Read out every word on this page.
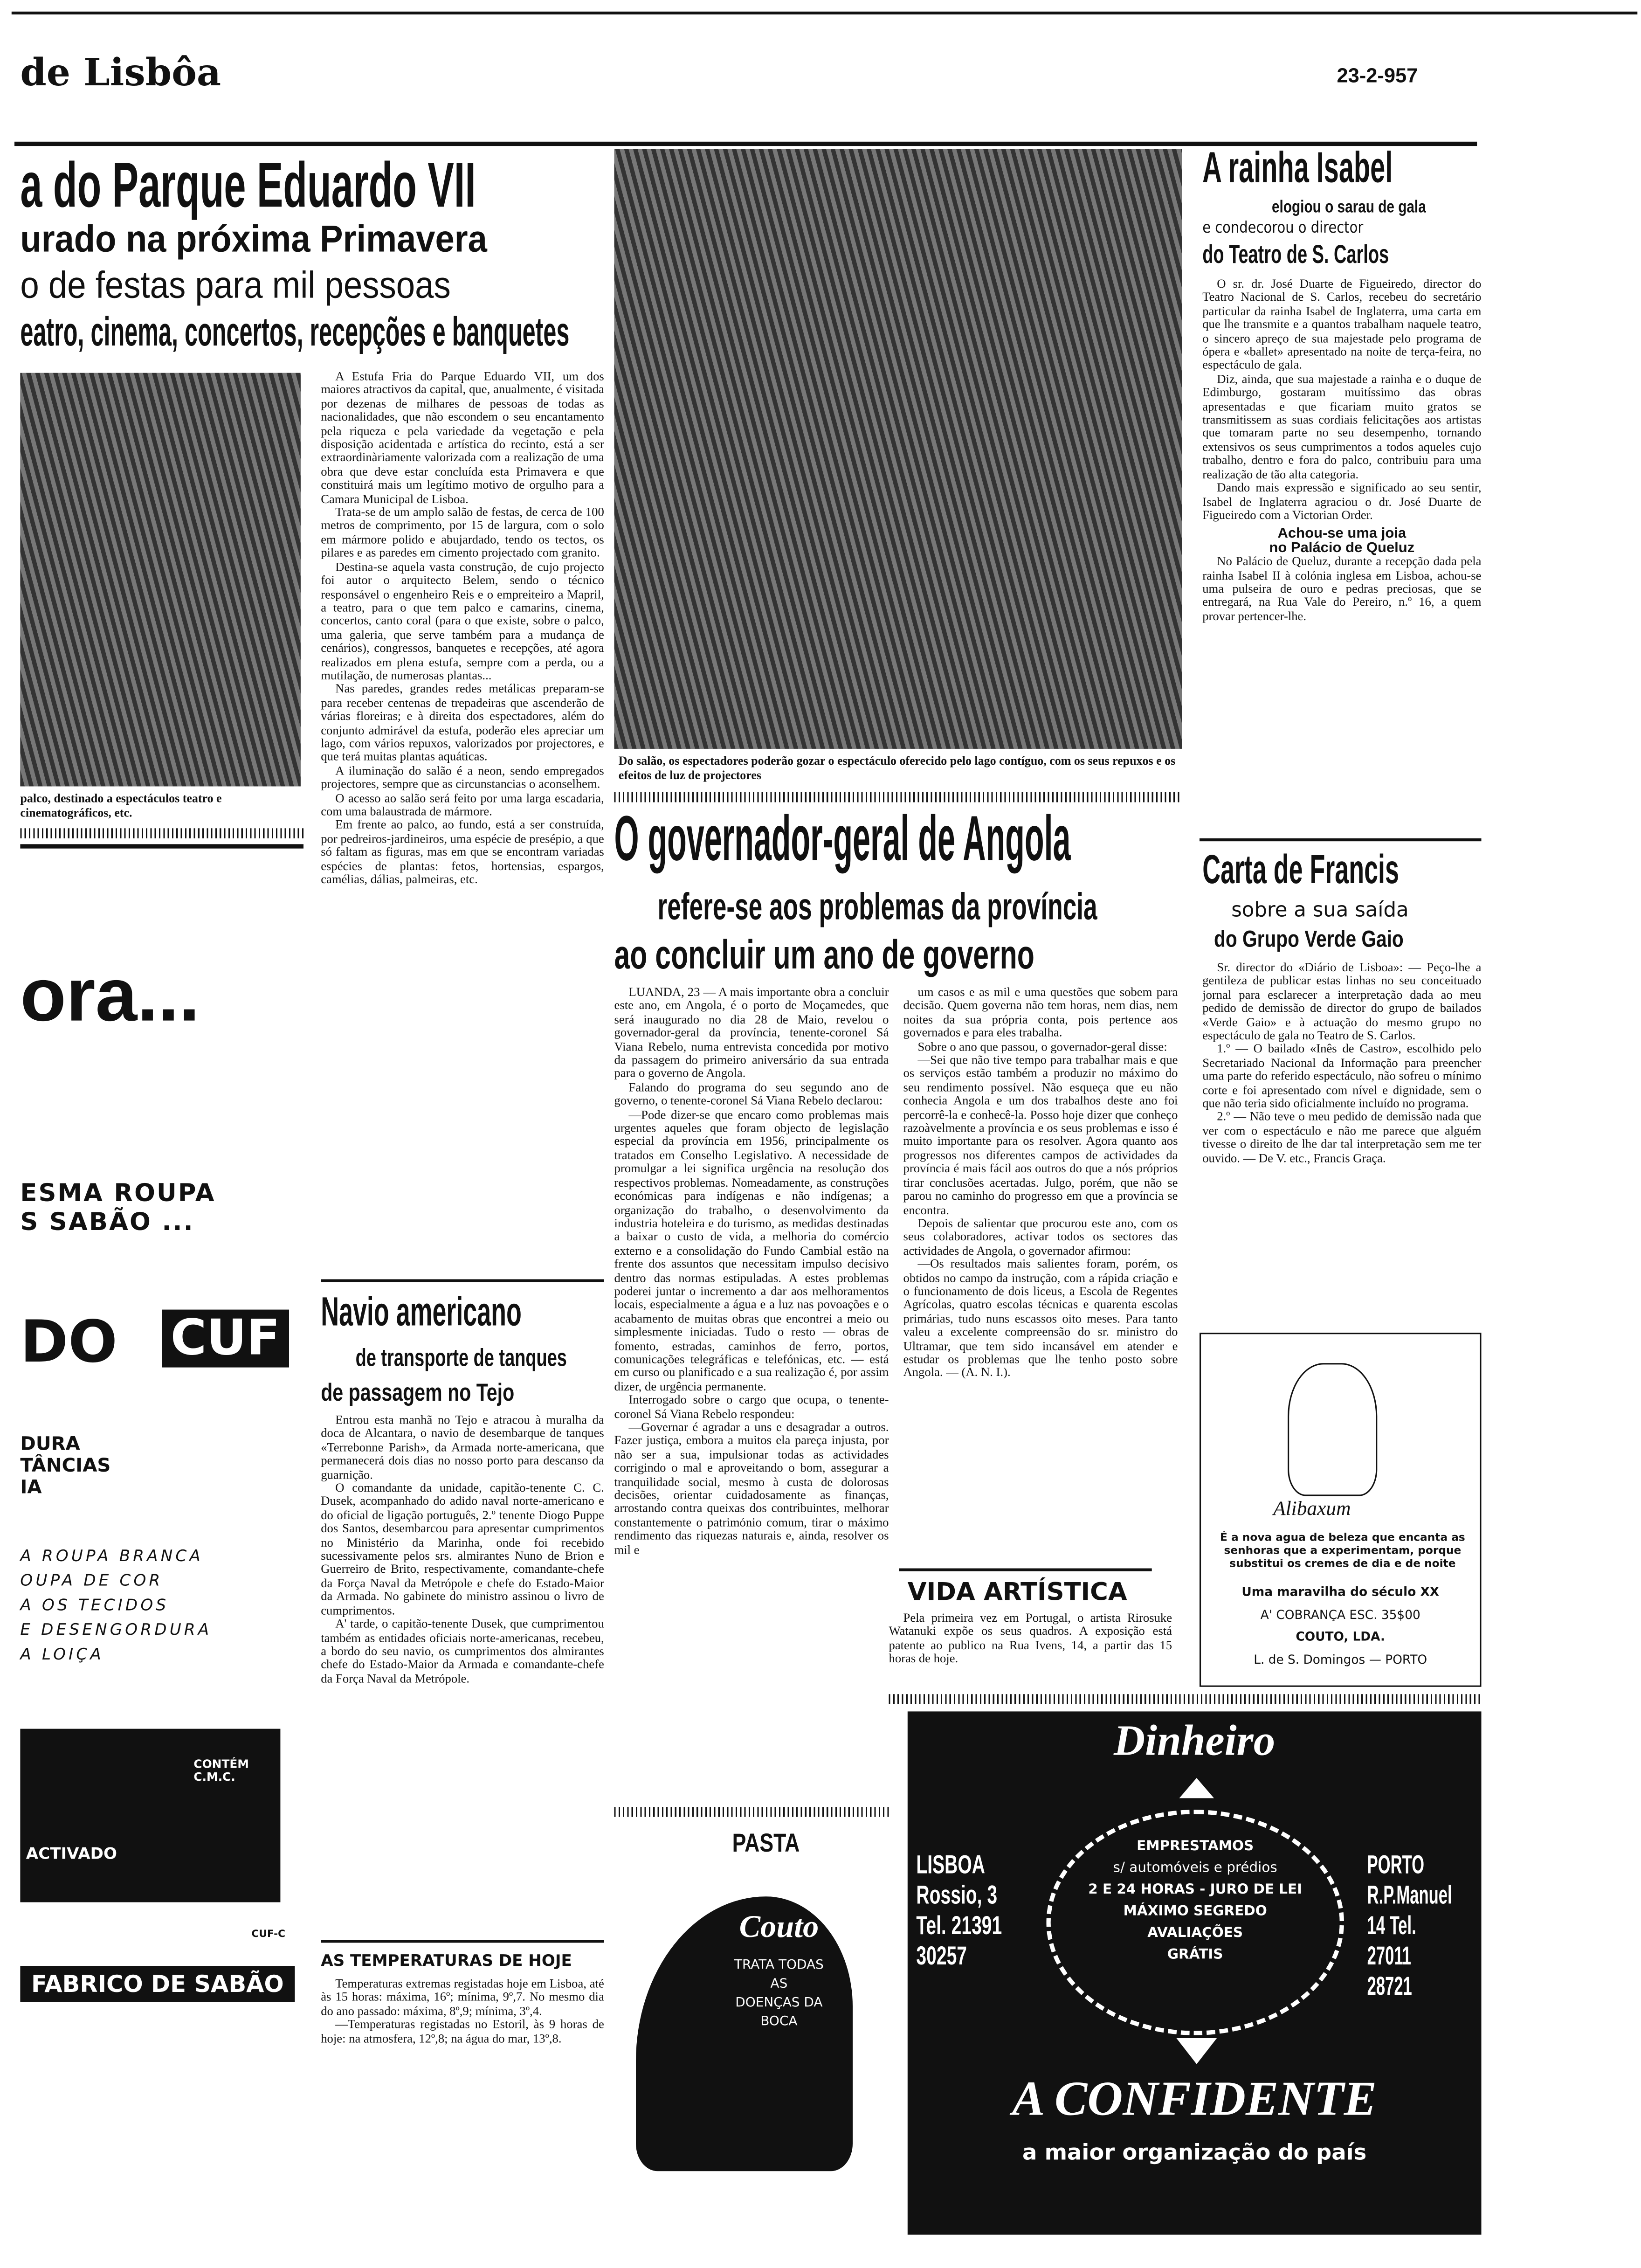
de Lisbôa	23-2-957
a do Parque Eduardo VII
urado na próxima Primavera
o de festas para mil pessoas
eatro, cinema, concertos, recepções e banquetes
palco, destinado a espectáculos teatro e cinematográficos, etc.

A Estufa Fria do Parque Eduardo VII, um dos maiores atractivos da capital, que, anualmente, é visitada por dezenas de milhares de pessoas de todas as nacionalidades, que não escondem o seu encantamento pela riqueza e pela variedade da vegetação e pela disposição acidentada e artística do recinto, está a ser extraordinàriamente valorizada com a realização de uma obra que deve estar concluída esta Primavera e que constituirá mais um legítimo motivo de orgulho para a Camara Municipal de Lisboa.

Trata-se de um amplo salão de festas, de cerca de 100 metros de comprimento, por 15 de largura, com o solo em mármore polido e abujardado, tendo os tectos, os pilares e as paredes em cimento projectado com granito.

Destina-se aquela vasta construção, de cujo projecto foi autor o arquitecto Belem, sendo o técnico responsável o engenheiro Reis e o empreiteiro a Mapril, a teatro, para o que tem palco e camarins, cinema, concertos, canto coral (para o que existe, sobre o palco, uma galeria, que serve também para a mudança de cenários), congressos, banquetes e recepções, até agora realizados em plena estufa, sempre com a perda, ou a mutilação, de numerosas plantas...

Nas paredes, grandes redes metálicas preparam-se para receber centenas de trepadeiras que ascenderão de várias floreiras; e à direita dos espectadores, além do conjunto admirável da estufa, poderão eles apreciar um lago, com vários repuxos, valorizados por projectores, e que terá muitas plantas aquáticas.

A iluminação do salão é a neon, sendo empregados projectores, sempre que as circunstancias o aconselhem.

O acesso ao salão será feito por uma larga escadaria, com uma balaustrada de mármore.

Em frente ao palco, ao fundo, está a ser construída, por pedreiros-jardineiros, uma espécie de presépio, a que só faltam as figuras, mas em que se encontram variadas espécies de plantas: fetos, hortensias, espargos, camélias, dálias, palmeiras, etc.

ora...
ESMA ROUPA
S SABÃO ...
DO	CUF
DURA
TÂNCIAS
IA
A ROUPA BRANCA
OUPA DE COR
A OS TECIDOS
E DESENGORDURA
A LOIÇA
ACTIVADO
CONTÉM C.M.C.
CUF-C
FABRICO DE SABÃO
Navio americano
de transporte de tanques
de passagem no Tejo

Entrou esta manhã no Tejo e atracou à muralha da doca de Alcantara, o navio de desembarque de tanques «Terrebonne Parish», da Armada norte-americana, que permanecerá dois dias no nosso porto para descanso da guarnição.

O comandante da unidade, capitão-tenente C. C. Dusek, acompanhado do adido naval norte-americano e do oficial de ligação português, 2.º tenente Diogo Puppe dos Santos, desembarcou para apresentar cumprimentos no Ministério da Marinha, onde foi recebido sucessivamente pelos srs. almirantes Nuno de Brion e Guerreiro de Brito, respectivamente, comandante-chefe da Força Naval da Metrópole e chefe do Estado-Maior da Armada. No gabinete do ministro assinou o livro de cumprimentos.

A' tarde, o capitão-tenente Dusek, que cumprimentou também as entidades oficiais norte-americanas, recebeu, a bordo do seu navio, os cumprimentos dos almirantes chefe do Estado-Maior da Armada e comandante-chefe da Força Naval da Metrópole.

AS TEMPERATURAS DE HOJE

Temperaturas extremas registadas hoje em Lisboa, até às 15 horas: máxima, 16º; mínima, 9º,7. No mesmo dia do ano passado: máxima, 8º,9; mínima, 3º,4.

—Temperaturas registadas no Estoril, às 9 horas de hoje: na atmosfera, 12º,8; na água do mar, 13º,8.

Do salão, os espectadores poderão gozar o espectáculo oferecido pelo lago contíguo, com os seus repuxos e os efeitos de luz de projectores
O governador-geral de Angola
refere-se aos problemas da província
ao concluir um ano de governo

LUANDA, 23 — A mais importante obra a concluir este ano, em Angola, é o porto de Moçamedes, que será inaugurado no dia 28 de Maio, revelou o governador-geral da província, tenente-coronel Sá Viana Rebelo, numa entrevista concedida por motivo da passagem do primeiro aniversário da sua entrada para o governo de Angola.

Falando do programa do seu segundo ano de governo, o tenente-coronel Sá Viana Rebelo declarou:

—Pode dizer-se que encaro como problemas mais urgentes aqueles que foram objecto de legislação especial da província em 1956, principalmente os tratados em Conselho Legislativo. A necessidade de promulgar a lei significa urgência na resolução dos respectivos problemas. Nomeadamente, as construções económicas para indígenas e não indígenas; a organização do trabalho, o desenvolvimento da industria hoteleira e do turismo, as medidas destinadas a baixar o custo de vida, a melhoria do comércio externo e a consolidação do Fundo Cambial estão na frente dos assuntos que necessitam impulso decisivo dentro das normas estipuladas. A estes problemas poderei juntar o incremento a dar aos melhoramentos locais, especialmente a água e a luz nas povoações e o acabamento de muitas obras que encontrei a meio ou simplesmente iniciadas. Tudo o resto — obras de fomento, estradas, caminhos de ferro, portos, comunicações telegráficas e telefónicas, etc. — está em curso ou planificado e a sua realização é, por assim dizer, de urgência permanente.

Interrogado sobre o cargo que ocupa, o tenente-coronel Sá Viana Rebelo respondeu:

—Governar é agradar a uns e desagradar a outros. Fazer justiça, embora a muitos ela pareça injusta, por não ser a sua, impulsionar todas as actividades corrigindo o mal e aproveitando o bom, assegurar a tranquilidade social, mesmo à custa de dolorosas decisões, orientar cuidadosamente as finanças, arrostando contra queixas dos contribuintes, melhorar constantemente o património comum, tirar o máximo rendimento das riquezas naturais e, ainda, resolver os mil e

um casos e as mil e uma questões que sobem para decisão. Quem governa não tem horas, nem dias, nem noites da sua própria conta, pois pertence aos governados e para eles trabalha.

Sobre o ano que passou, o governador-geral disse:

—Sei que não tive tempo para trabalhar mais e que os serviços estão também a produzir no máximo do seu rendimento possível. Não esqueça que eu não conhecia Angola e um dos trabalhos deste ano foi percorrê-la e conhecê-la. Posso hoje dizer que conheço razoàvelmente a província e os seus problemas e isso é muito importante para os resolver. Agora quanto aos progressos nos diferentes campos de actividades da província é mais fácil aos outros do que a nós próprios tirar conclusões acertadas. Julgo, porém, que não se parou no caminho do progresso em que a província se encontra.

Depois de salientar que procurou este ano, com os seus colaboradores, activar todos os sectores das actividades de Angola, o governador afirmou:

—Os resultados mais salientes foram, porém, os obtidos no campo da instrução, com a rápida criação e o funcionamento de dois liceus, a Escola de Regentes Agrícolas, quatro escolas técnicas e quarenta escolas primárias, tudo nuns escassos oito meses. Para tanto valeu a excelente compreensão do sr. ministro do Ultramar, que tem sido incansável em atender e estudar os problemas que lhe tenho posto sobre Angola. — (A. N. I.).

PASTA
MEDICINAL
Couto
TRATA TODAS
AS
DOENÇAS DA
BOCA
VIDA ARTÍSTICA

Pela primeira vez em Portugal, o artista Rirosuke Watanuki expõe os seus quadros. A exposição está patente ao publico na Rua Ivens, 14, a partir das 15 horas de hoje.

A rainha Isabel
elogiou o sarau de gala
e condecorou o director
do Teatro de S. Carlos

O sr. dr. José Duarte de Figueiredo, director do Teatro Nacional de S. Carlos, recebeu do secretário particular da rainha Isabel de Inglaterra, uma carta em que lhe transmite e a quantos trabalham naquele teatro, o sincero apreço de sua majestade pelo programa de ópera e «ballet» apresentado na noite de terça-feira, no espectáculo de gala.

Diz, ainda, que sua majestade a rainha e o duque de Edimburgo, gostaram muitíssimo das obras apresentadas e que ficariam muito gratos se transmitissem as suas cordiais felicitações aos artistas que tomaram parte no seu desempenho, tornando extensivos os seus cumprimentos a todos aqueles cujo trabalho, dentro e fora do palco, contribuiu para uma realização de tão alta categoria.

Dando mais expressão e significado ao seu sentir, Isabel de Inglaterra agraciou o dr. José Duarte de Figueiredo com a Victorian Order.

Achou-se uma joia
no Palácio de Queluz

No Palácio de Queluz, durante a recepção dada pela rainha Isabel II à colónia inglesa em Lisboa, achou-se uma pulseira de ouro e pedras preciosas, que se entregará, na Rua Vale do Pereiro, n.º 16, a quem provar pertencer-lhe.

Carta de Francis
sobre a sua saída
do Grupo Verde Gaio

Sr. director do «Diário de Lisboa»: — Peço-lhe a gentileza de publicar estas linhas no seu conceituado jornal para esclarecer a interpretação dada ao meu pedido de demissão de director do grupo de bailados «Verde Gaio» e à actuação do mesmo grupo no espectáculo de gala no Teatro de S. Carlos.

1.º — O bailado «Inês de Castro», escolhido pelo Secretariado Nacional da Informação para preencher uma parte do referido espectáculo, não sofreu o mínimo corte e foi apresentado com nível e dignidade, sem o que não teria sido oficialmente incluído no programa.

2.º — Não teve o meu pedido de demissão nada que ver com o espectáculo e não me parece que alguém tivesse o direito de lhe dar tal interpretação sem me ter ouvido. — De V. etc., Francis Graça.

Alibaxum
É a nova agua de beleza que encanta as senhoras que a experimentam, porque substitui os cremes de dia e de noite
Uma maravilha do século XX
A' COBRANÇA ESC. 35$00
COUTO, LDA.
L. de S. Domingos — PORTO
Dinheiro
EMPRESTAMOS
s/ automóveis e prédios
2 E 24 HORAS - JURO DE LEI
MÁXIMO SEGREDO
AVALIAÇÕES
GRÁTIS
LISBOA
Rossio, 3
Tel. 21391
30257
PORTO
R.P.Manuel
14 Tel.
27011 28721
A CONFIDENTE
a maior organização do país
